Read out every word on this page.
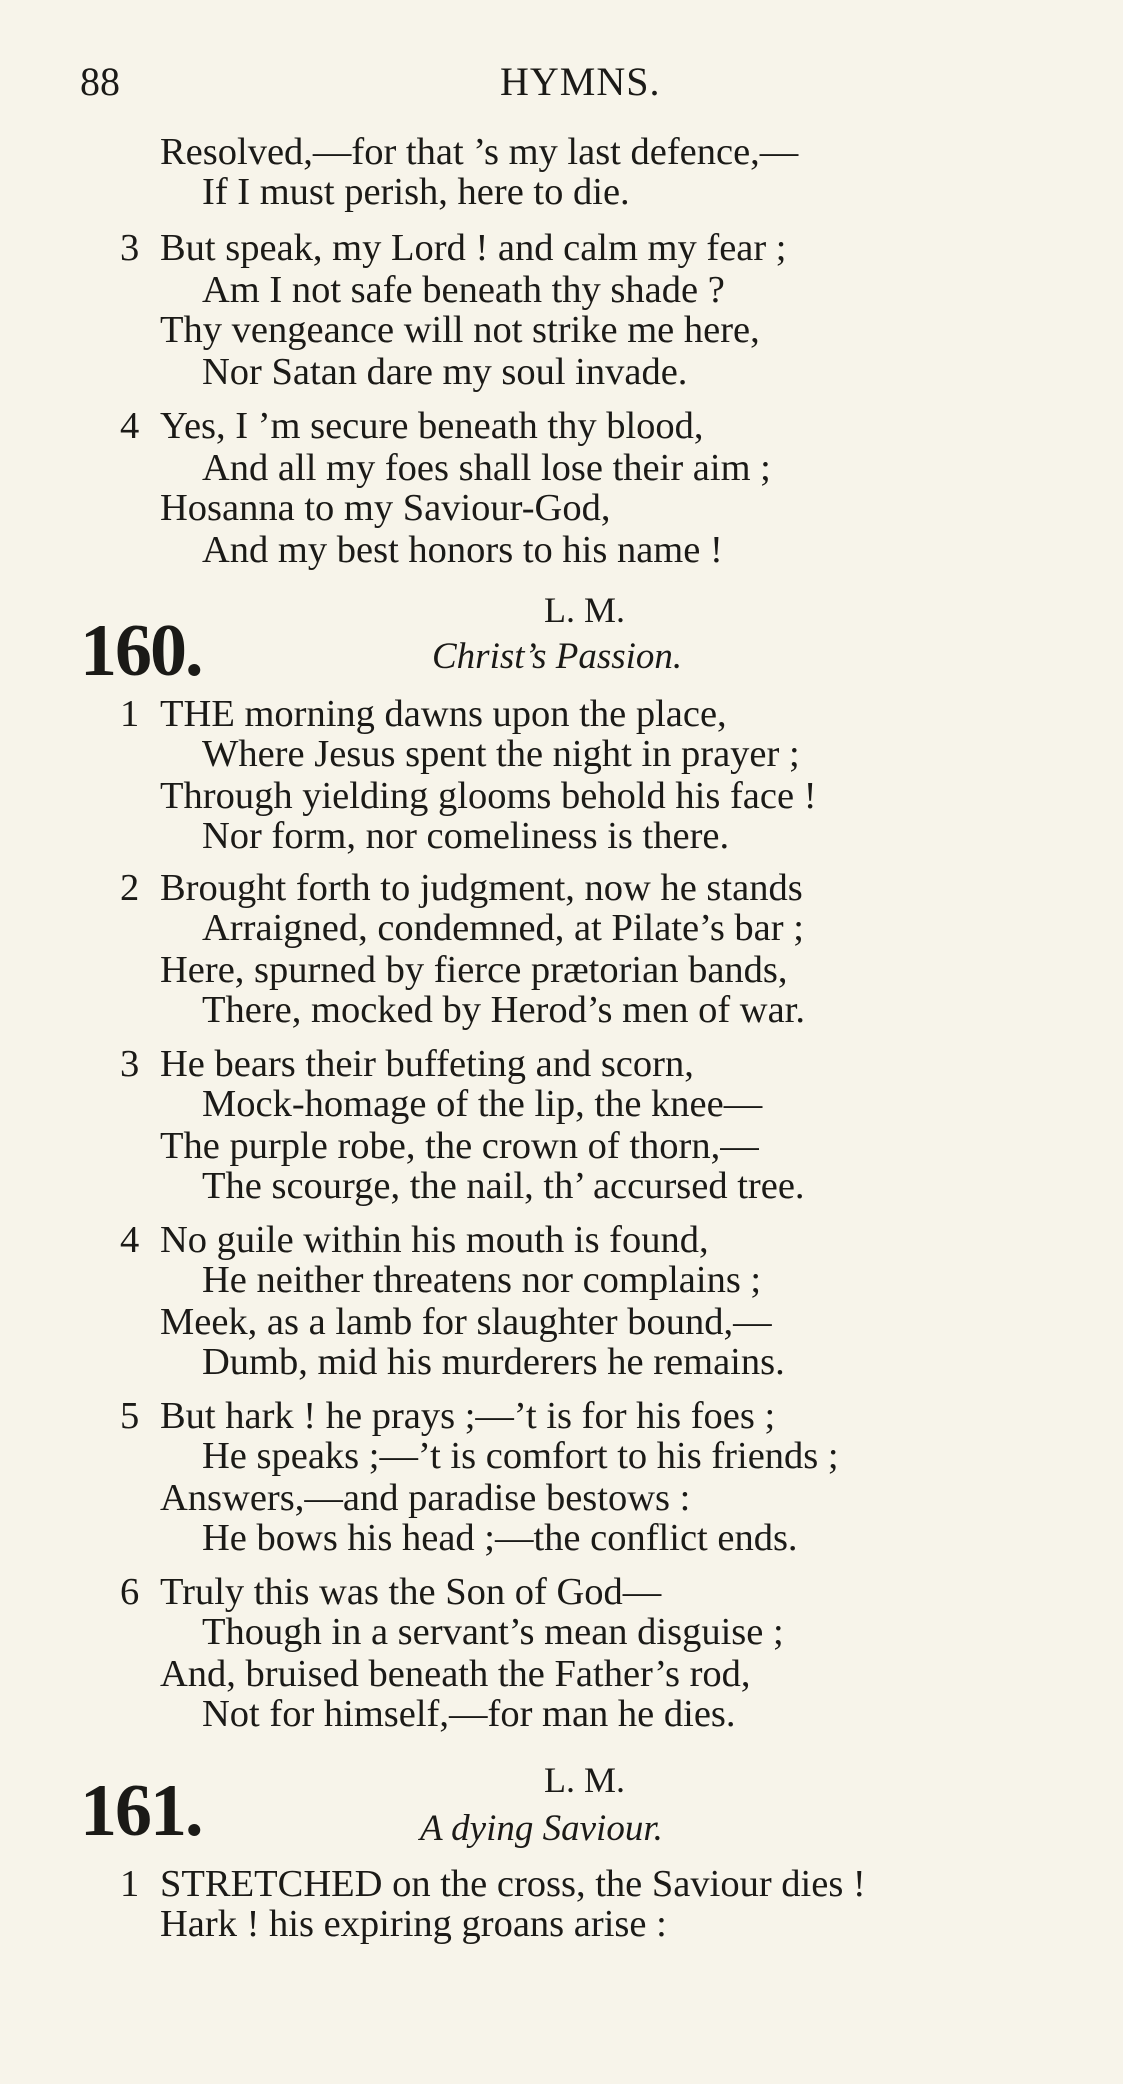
88	HYMNS.
Resolved,—for that ’s my last defence,—
If I must perish, here to die.
3 But speak, my Lord ! and calm my fear ;
Am I not safe beneath thy shade ?
Thy vengeance will not strike me here,
Nor Satan dare my soul invade.
4 Yes, I ’m secure beneath thy blood,
And all my foes shall lose their aim ;
Hosanna to my Saviour-God,
And my best honors to his name !
160.	L. M.
Christ’s Passion.
1 THE morning dawns upon the place,
Where Jesus spent the night in prayer ;
Through yielding glooms behold his face !
Nor form, nor comeliness is there.
2 Brought forth to judgment, now he stands
Arraigned, condemned, at Pilate’s bar ;
Here, spurned by fierce prætorian bands,
There, mocked by Herod’s men of war.
3 He bears their buffeting and scorn,
Mock-homage of the lip, the knee—
The purple robe, the crown of thorn,—
The scourge, the nail, th’ accursed tree.
4 No guile within his mouth is found,
He neither threatens nor complains ;
Meek, as a lamb for slaughter bound,—
Dumb, mid his murderers he remains.
5 But hark ! he prays ;—’t is for his foes ;
He speaks ;—’t is comfort to his friends ;
Answers,—and paradise bestows :
He bows his head ;—the conflict ends.
6 Truly this was the Son of God—
Though in a servant’s mean disguise ;
And, bruised beneath the Father’s rod,
Not for himself,—for man he dies.
161.	L. M.
A dying Saviour.
1 STRETCHED on the cross, the Saviour dies !
Hark ! his expiring groans arise :
